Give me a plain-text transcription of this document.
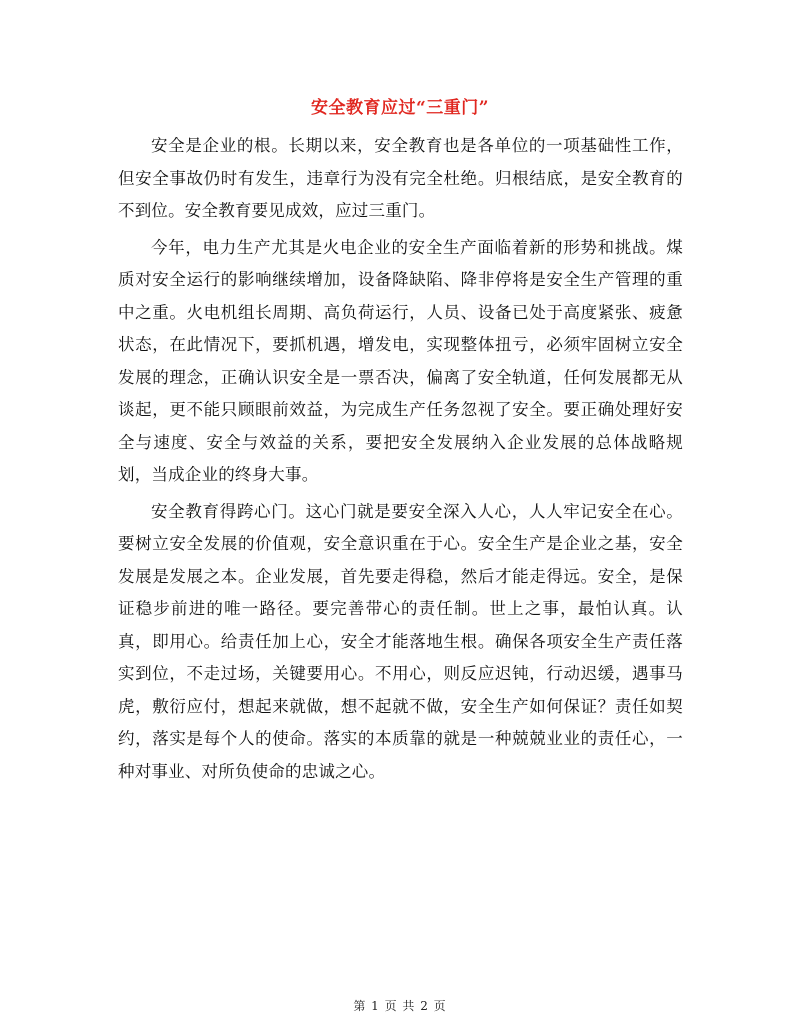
安全教育应过“三重门”

安全是企业的根。长期以来，安全教育也是各单位的一项基础性工作，但安全事故仍时有发生，违章行为没有完全杜绝。归根结底，是安全教育的不到位。安全教育要见成效，应过三重门。

今年，电力生产尤其是火电企业的安全生产面临着新的形势和挑战。煤质对安全运行的影响继续增加，设备降缺陷、降非停将是安全生产管理的重中之重。火电机组长周期、高负荷运行，人员、设备已处于高度紧张、疲惫状态，在此情况下，要抓机遇，增发电，实现整体扭亏，必须牢固树立安全发展的理念，正确认识安全是一票否决，偏离了安全轨道，任何发展都无从谈起，更不能只顾眼前效益，为完成生产任务忽视了安全。要正确处理好安全与速度、安全与效益的关系，要把安全发展纳入企业发展的总体战略规划，当成企业的终身大事。

安全教育得跨心门。这心门就是要安全深入人心，人人牢记安全在心。要树立安全发展的价值观，安全意识重在于心。安全生产是企业之基，安全发展是发展之本。企业发展，首先要走得稳，然后才能走得远。安全，是保证稳步前进的唯一路径。要完善带心的责任制。世上之事，最怕认真。认真，即用心。给责任加上心，安全才能落地生根。确保各项安全生产责任落实到位，不走过场，关键要用心。不用心，则反应迟钝，行动迟缓，遇事马虎，敷衍应付，想起来就做，想不起就不做，安全生产如何保证？责任如契约，落实是每个人的使命。落实的本质靠的就是一种兢兢业业的责任心，一种对事业、对所负使命的忠诚之心。

第 1 页 共 2 页
